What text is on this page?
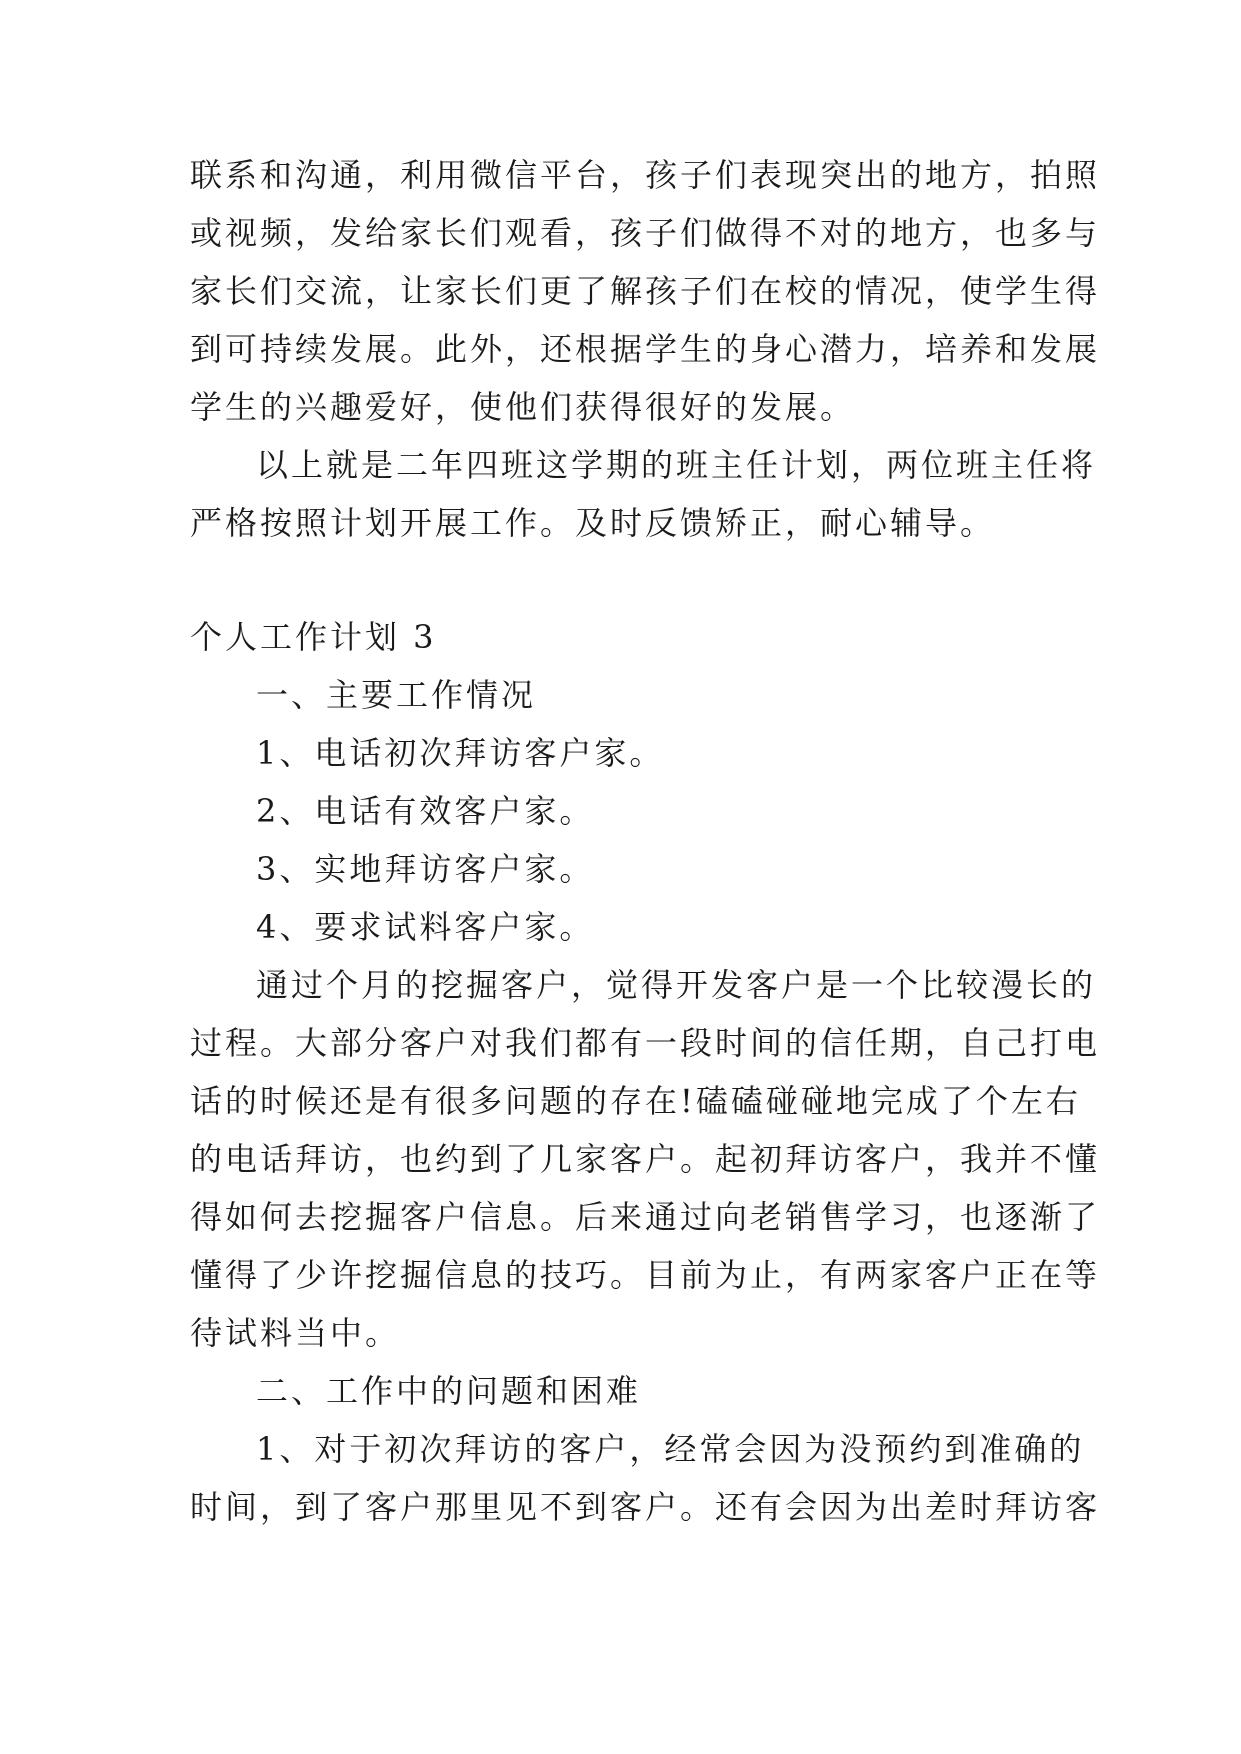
联系和沟通，利用微信平台，孩子们表现突出的地方，拍照
或视频，发给家长们观看，孩子们做得不对的地方，也多与
家长们交流，让家长们更了解孩子们在校的情况，使学生得
到可持续发展。此外，还根据学生的身心潜力，培养和发展
学生的兴趣爱好，使他们获得很好的发展。
以上就是二年四班这学期的班主任计划，两位班主任将
严格按照计划开展工作。及时反馈矫正，耐心辅导。
个人工作计划 3
一、主要工作情况
1、电话初次拜访客户家。
2、电话有效客户家。
3、实地拜访客户家。
4、要求试料客户家。
通过个月的挖掘客户，觉得开发客户是一个比较漫长的
过程。大部分客户对我们都有一段时间的信任期，自己打电
话的时候还是有很多问题的存在!磕磕碰碰地完成了个左右
的电话拜访，也约到了几家客户。起初拜访客户，我并不懂
得如何去挖掘客户信息。后来通过向老销售学习，也逐渐了
懂得了少许挖掘信息的技巧。目前为止，有两家客户正在等
待试料当中。
二、工作中的问题和困难
1、对于初次拜访的客户，经常会因为没预约到准确的
时间，到了客户那里见不到客户。还有会因为出差时拜访客
